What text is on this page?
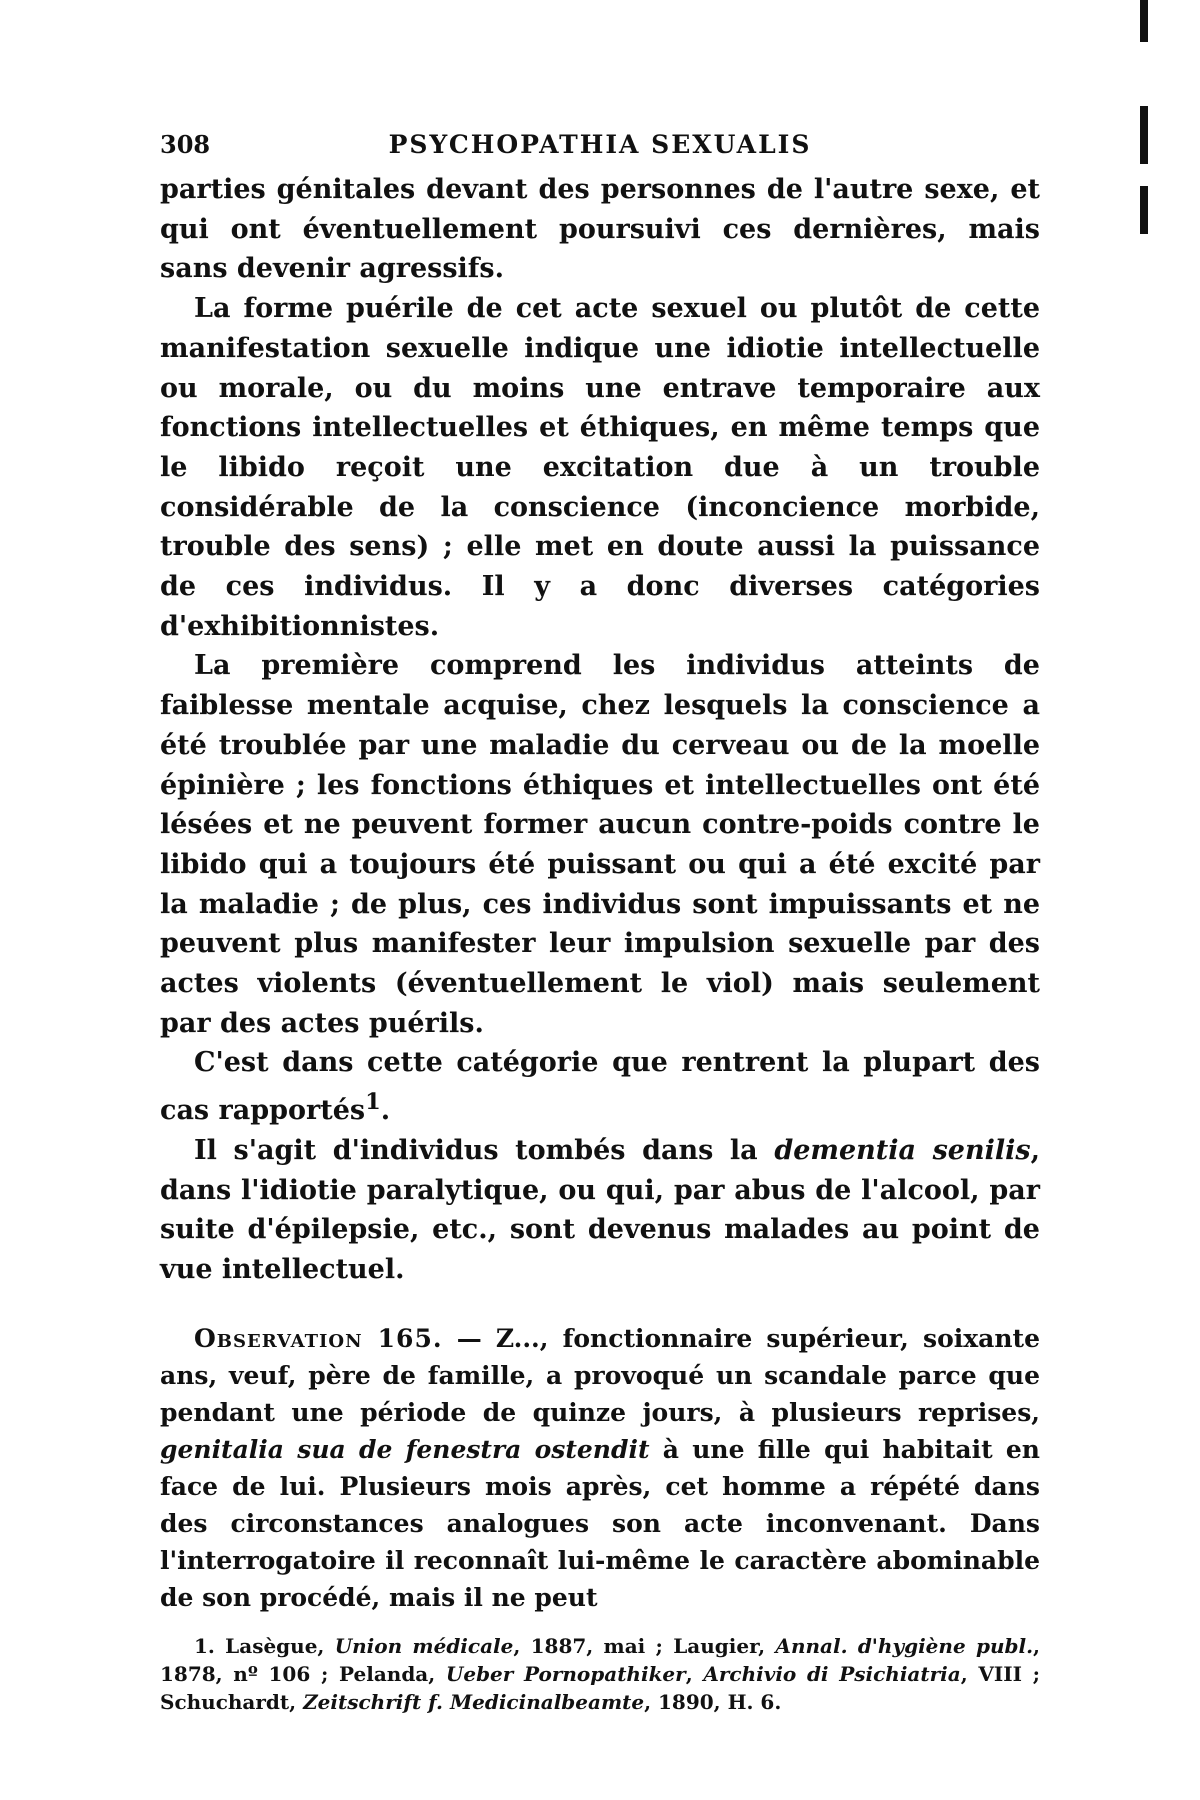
308	PSYCHOPATHIA SEXUALIS

parties génitales devant des personnes de l'autre sexe, et qui ont éventuellement poursuivi ces dernières, mais sans devenir agressifs.

La forme puérile de cet acte sexuel ou plutôt de cette manifestation sexuelle indique une idiotie intellectuelle ou morale, ou du moins une entrave temporaire aux fonctions intellectuelles et éthiques, en même temps que le libido reçoit une excitation due à un trouble considérable de la conscience (inconcience morbide, trouble des sens) ; elle met en doute aussi la puissance de ces individus. Il y a donc diverses catégories d'exhibitionnistes.

La première comprend les individus atteints de faiblesse mentale acquise, chez lesquels la conscience a été troublée par une maladie du cerveau ou de la moelle épinière ; les fonctions éthiques et intellectuelles ont été lésées et ne peuvent former aucun contre-poids contre le libido qui a toujours été puissant ou qui a été excité par la maladie ; de plus, ces individus sont impuissants et ne peuvent plus manifester leur impulsion sexuelle par des actes violents (éventuellement le viol) mais seulement par des actes puérils.

C'est dans cette catégorie que rentrent la plupart des cas rapportés$^1$.

Il s'agit d'individus tombés dans la dementia senilis, dans l'idiotie paralytique, ou qui, par abus de l'alcool, par suite d'épilepsie, etc., sont devenus malades au point de vue intellectuel.

Observation 165. — Z..., fonctionnaire supérieur, soixante ans, veuf, père de famille, a provoqué un scandale parce que pendant une période de quinze jours, à plusieurs reprises, genitalia sua de fenestra ostendit à une fille qui habitait en face de lui. Plusieurs mois après, cet homme a répété dans des circonstances analogues son acte inconvenant. Dans l'interrogatoire il reconnaît lui-même le caractère abominable de son procédé, mais il ne peut

1. Lasègue, Union médicale, 1887, mai ; Laugier, Annal. d'hygiène publ., 1878, nº 106 ; Pelanda, Ueber Pornopathiker, Archivio di Psichiatria, VIII ; Schuchardt, Zeitschrift f. Medicinalbeamte, 1890, H. 6.
